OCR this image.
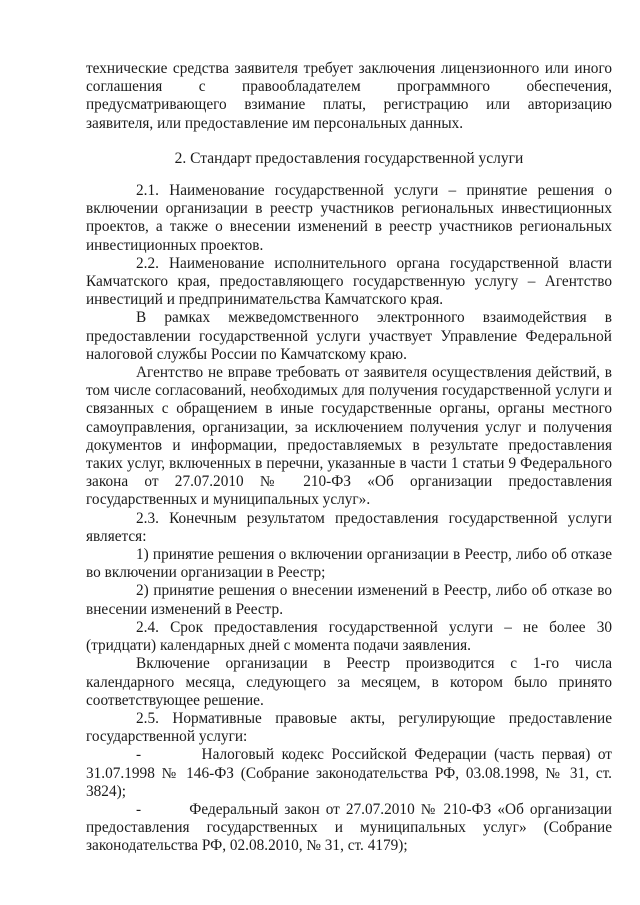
технические средства заявителя требует заключения лицензионного или иного соглашения с правообладателем программного обеспечения, предусматривающего взимание платы, регистрацию или авторизацию заявителя, или предоставление им персональных данных.

2. Стандарт предоставления государственной услуги

2.1. Наименование государственной услуги – принятие решения о включении организации в реестр участников региональных инвестиционных проектов, а также о внесении изменений в реестр участников региональных инвестиционных проектов.

2.2. Наименование исполнительного органа государственной власти Камчатского края, предоставляющего государственную услугу – Агентство инвестиций и предпринимательства Камчатского края.

В рамках межведомственного электронного взаимодействия в предоставлении государственной услуги участвует Управление Федеральной налоговой службы России по Камчатскому краю.

Агентство не вправе требовать от заявителя осуществления действий, в том числе согласований, необходимых для получения государственной услуги и связанных с обращением в иные государственные органы, органы местного самоуправления, организации, за исключением получения услуг и получения документов и информации, предоставляемых в результате предоставления таких услуг, включенных в перечни, указанные в части 1 статьи 9 Федерального закона от 27.07.2010 № 210-ФЗ «Об организации предоставления государственных и муниципальных услуг».

2.3. Конечным результатом предоставления государственной услуги является:

1) принятие решения о включении организации в Реестр, либо об отказе во включении организации в Реестр;

2) принятие решения о внесении изменений в Реестр, либо об отказе во внесении изменений в Реестр.

2.4. Срок предоставления государственной услуги – не более 30 (тридцати) календарных дней с момента подачи заявления.

Включение организации в Реестр производится с 1-го числа календарного месяца, следующего за месяцем, в котором было принято соответствующее решение.

2.5. Нормативные правовые акты, регулирующие предоставление государственной услуги:

-        Налоговый кодекс Российской Федерации (часть первая) от 31.07.1998 № 146-ФЗ (Собрание законодательства РФ, 03.08.1998, № 31, ст. 3824);

-        Федеральный закон от 27.07.2010 № 210-ФЗ «Об организации предоставления государственных и муниципальных услуг» (Собрание законодательства РФ, 02.08.2010, № 31, ст. 4179);
